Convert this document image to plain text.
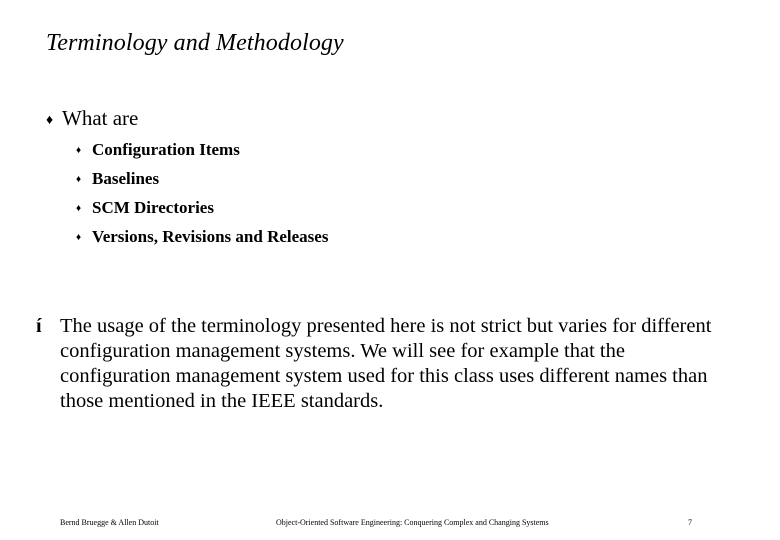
Terminology and Methodology
♦ What are
♦ Configuration Items
♦ Baselines
♦ SCM Directories
♦ Versions, Revisions and Releases
í The usage of the terminology presented here is not strict but varies for different configuration management systems. We will see for example that the configuration management system used for this class uses different names than those mentioned in the IEEE standards.
Bernd Bruegge & Allen Dutoit	Object-Oriented Software Engineering: Conquering Complex and Changing Systems	7
